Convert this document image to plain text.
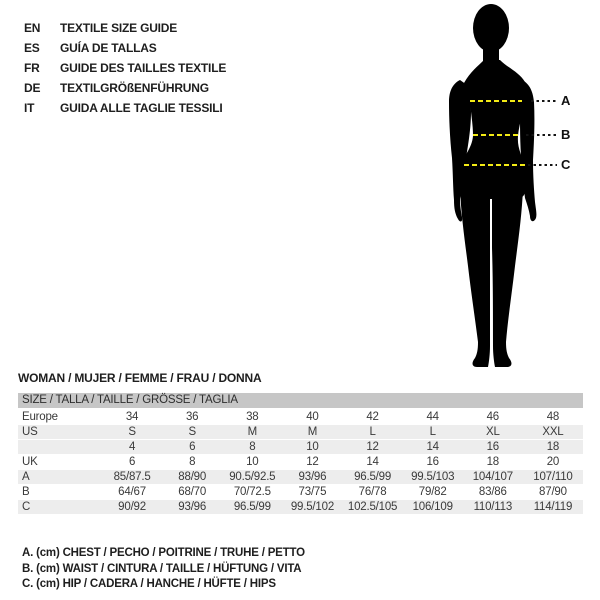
EN TEXTILE SIZE GUIDE
ES GUÍA DE TALLAS
FR GUIDE DES TAILLES TEXTILE
DE TEXTILGRÖßENFÜHRUNG
IT GUIDA ALLE TAGLIE TESSILI	A
B
C
WOMAN / MUJER / FEMME / FRAU / DONNA
SIZE / TALLA / TAILLE / GRÖSSE / TAGLIA
Europe	34	36	38	40	42	44	46	48
US	S	S	M	M	L	L	XL	XXL
	4	6	8	10	12	14	16	18
UK	6	8	10	12	14	16	18	20
A	85/87.5	88/90	90.5/92.5	93/96	96.5/99	99.5/103	104/107	107/110
B	64/67	68/70	70/72.5	73/75	76/78	79/82	83/86	87/90
C	90/92	93/96	96.5/99	99.5/102	102.5/105	106/109	110/113	114/119
A. (cm) CHEST / PECHO / POITRINE / TRUHE / PETTO
B. (cm) WAIST / CINTURA / TAILLE / HÜFTUNG / VITA
C. (cm) HIP / CADERA / HANCHE / HÜFTE / HIPS
